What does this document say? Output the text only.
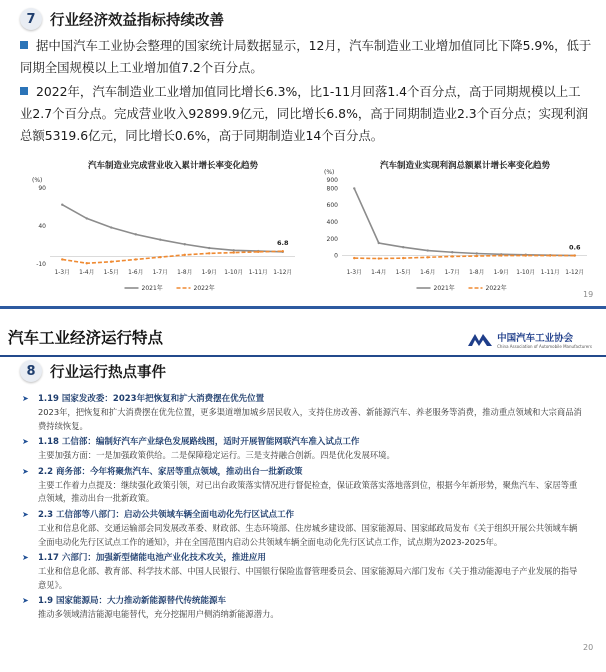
7 行业经济效益指标持续改善
据中国汽车工业协会整理的国家统计局数据显示，12月，汽车制造业工业增加值同比下降5.9%，低于同期全国规模以上工业增加值7.2个百分点。
2022年，汽车制造业工业增加值同比增长6.3%，比1-11月回落1.4个百分点，高于同期规模以上工业2.7个百分点。完成营业收入92899.9亿元，同比增长6.8%，高于同期制造业2.3个百分点；实现利润总额5319.6亿元，同比增长0.6%，高于同期制造业14个百分点。
汽车制造业完成营业收入累计增长率变化趋势	汽车制造业实现利润总额累计增长率变化趋势
(%)
90
40
-10
1-3月 1-4月 1-5月 1-6月 1-7月 1-8月 1-9月 1-10月 1-11月 1-12月
6.8
2021年	2022年
(%)
900
800
600
400
200
0
1-3月 1-4月 1-5月 1-6月 1-7月 1-8月 1-9月 1-10月 1-11月 1-12月
0.6
2021年	2022年
19
汽车工业经济运行特点	中国汽车工业协会
China Association of Automobile Manufacturers
8 行业运行热点事件
➤ 1.19 国家发改委：2023年把恢复和扩大消费摆在优先位置
2023年，把恢复和扩大消费摆在优先位置，更多渠道增加城乡居民收入，支持住房改善、新能源汽车、养老服务等消费，推动重点领域和大宗商品消费持续恢复。
➤ 1.18 工信部：编制好汽车产业绿色发展路线图，适时开展智能网联汽车准入试点工作
主要加强方面：一是加强政策供给。二是保障稳定运行。三是支持融合创新。四是优化发展环境。
➤ 2.2 商务部：今年将聚焦汽车、家居等重点领域，推动出台一批新政策
主要工作着力点提及：继续强化政策引领，对已出台政策落实情况进行督促检查，保证政策落实落地落到位，根据今年新形势，聚焦汽车、家居等重点领域，推动出台一批新政策。
➤ 2.3 工信部等八部门：启动公共领域车辆全面电动化先行区试点工作
工业和信息化部、交通运输部会同发展改革委、财政部、生态环境部、住房城乡建设部、国家能源局、国家邮政局发布《关于组织开展公共领域车辆全面电动化先行区试点工作的通知》，并在全国范围内启动公共领域车辆全面电动化先行区试点工作，试点期为2023-2025年。
➤ 1.17 六部门：加强新型储能电池产业化技术攻关，推进应用
工业和信息化部、教育部、科学技术部、中国人民银行、中国银行保险监督管理委员会、国家能源局六部门发布《关于推动能源电子产业发展的指导意见》。
➤ 1.9 国家能源局：大力推动新能源替代传统能源车
推动多领域清洁能源电能替代，充分挖掘用户侧消纳新能源潜力。
20
